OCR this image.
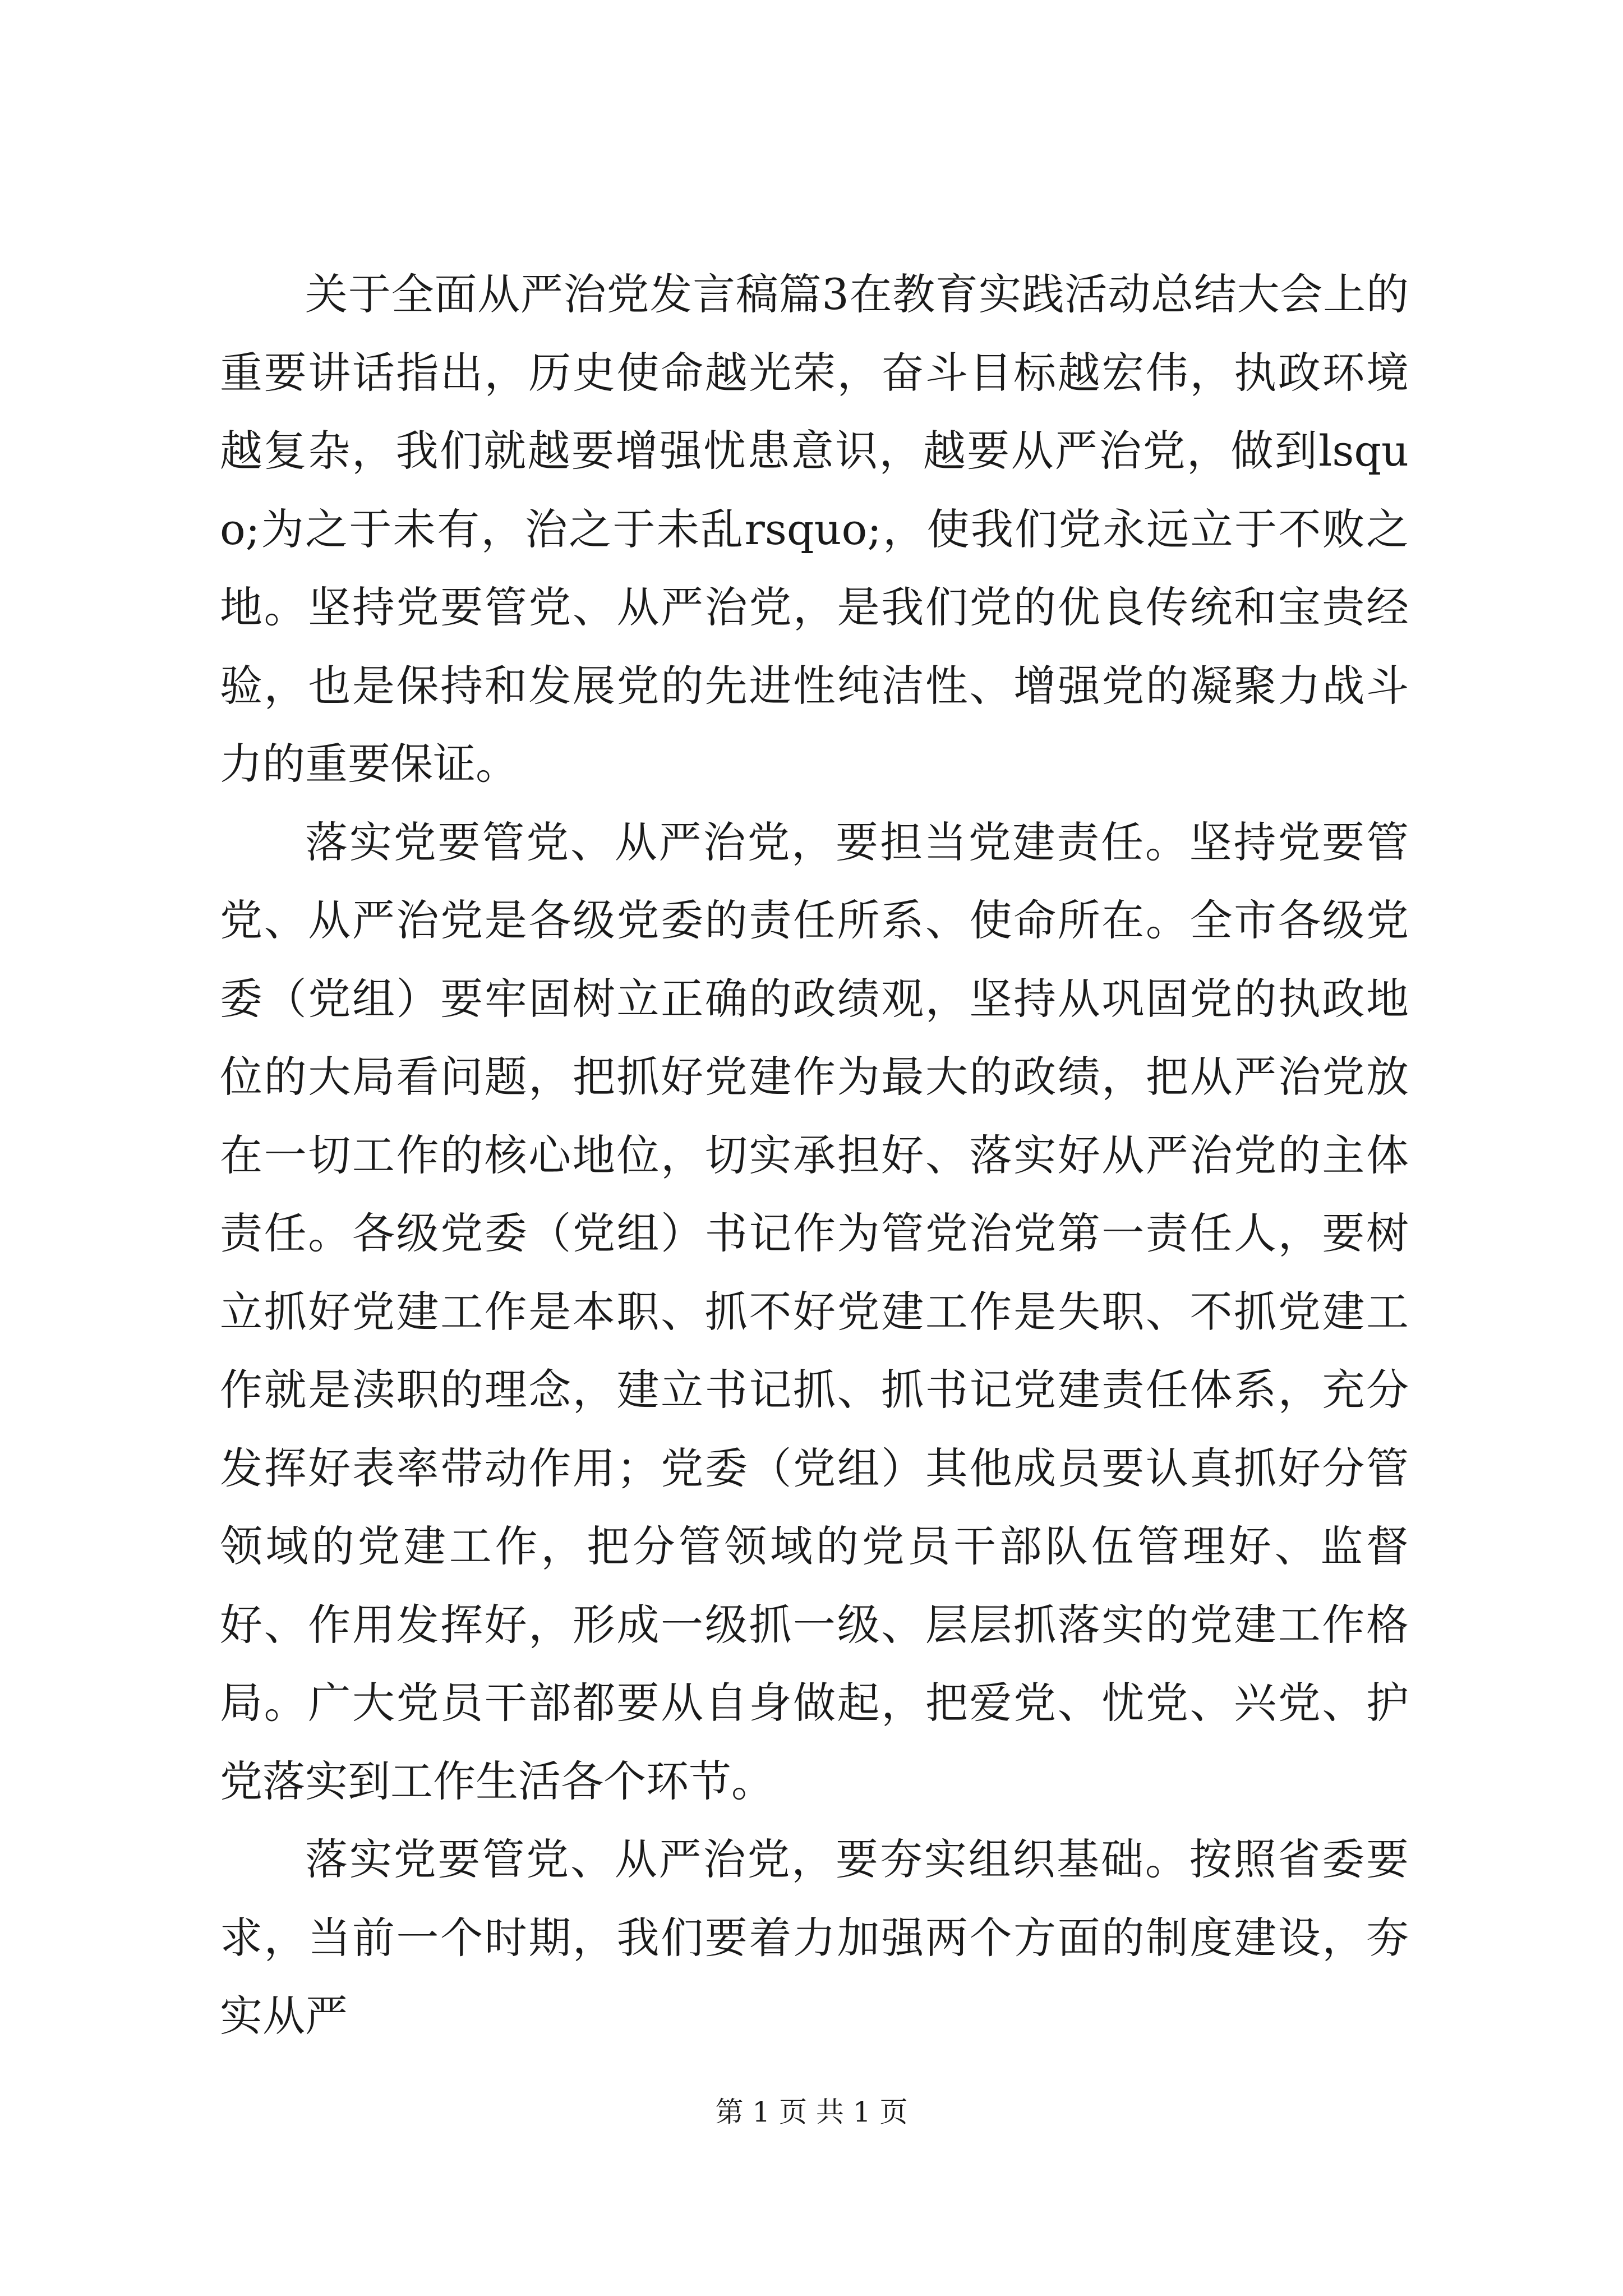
关于全面从严治党发言稿篇3在教育实践活动总结大会上的重要讲话指出，历史使命越光荣，奋斗目标越宏伟，执政环境越复杂，我们就越要增强忧患意识，越要从严治党，做到lsquo;为之于未有，治之于未乱rsquo;，使我们党永远立于不败之地。坚持党要管党、从严治党，是我们党的优良传统和宝贵经验，也是保持和发展党的先进性纯洁性、增强党的凝聚力战斗力的重要保证。

落实党要管党、从严治党，要担当党建责任。坚持党要管党、从严治党是各级党委的责任所系、使命所在。全市各级党委（党组）要牢固树立正确的政绩观，坚持从巩固党的执政地位的大局看问题，把抓好党建作为最大的政绩，把从严治党放在一切工作的核心地位，切实承担好、落实好从严治党的主体责任。各级党委（党组）书记作为管党治党第一责任人，要树立抓好党建工作是本职、抓不好党建工作是失职、不抓党建工作就是渎职的理念，建立书记抓、抓书记党建责任体系，充分发挥好表率带动作用；党委（党组）其他成员要认真抓好分管领域的党建工作，把分管领域的党员干部队伍管理好、监督好、作用发挥好，形成一级抓一级、层层抓落实的党建工作格局。广大党员干部都要从自身做起，把爱党、忧党、兴党、护党落实到工作生活各个环节。

落实党要管党、从严治党，要夯实组织基础。按照省委要求，当前一个时期，我们要着力加强两个方面的制度建设，夯实从严

第 1 页 共 1 页
